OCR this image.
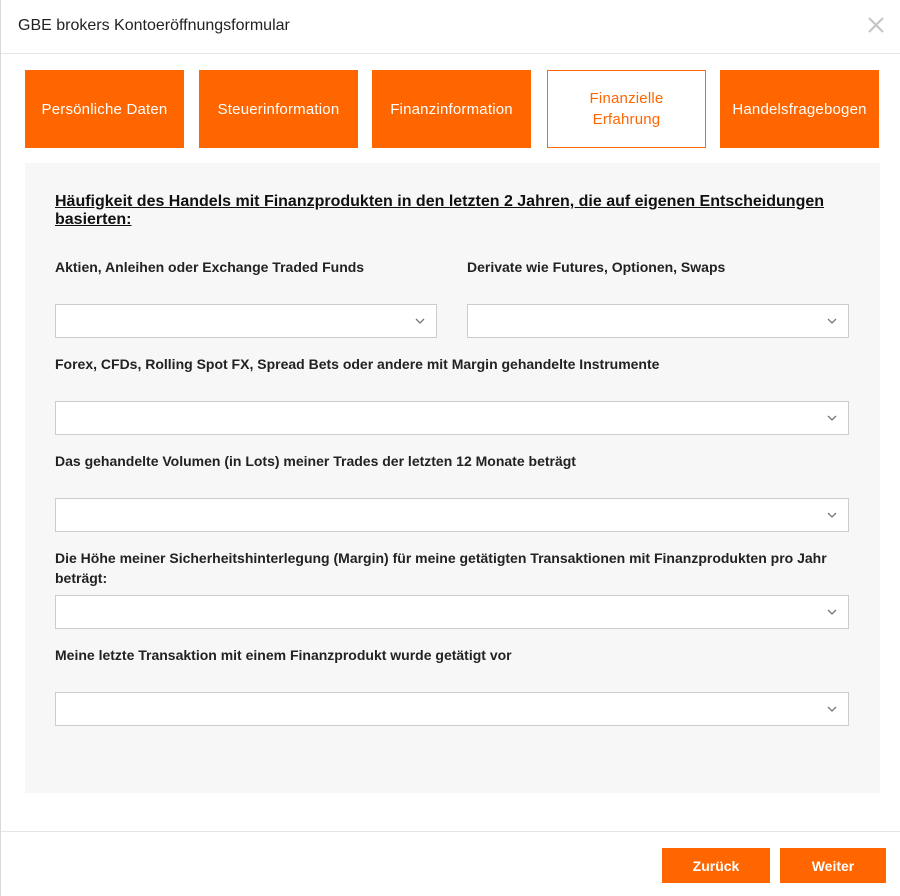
GBE brokers Kontoeröffnungsformular
Persönliche Daten	Steuerinformation	Finanzinformation
Finanzielle Erfahrung
Handelsfragebogen
Häufigkeit des Handels mit Finanzprodukten in den letzten 2 Jahren, die auf eigenen Entscheidungen basierten:
Aktien, Anleihen oder Exchange Traded Funds	Derivate wie Futures, Optionen, Swaps
Forex, CFDs, Rolling Spot FX, Spread Bets oder andere mit Margin gehandelte Instrumente
Das gehandelte Volumen (in Lots) meiner Trades der letzten 12 Monate beträgt
Die Höhe meiner Sicherheitshinterlegung (Margin) für meine getätigten Transaktionen mit Finanzprodukten pro Jahr beträgt:
Meine letzte Transaktion mit einem Finanzprodukt wurde getätigt vor
Zurück	Weiter
